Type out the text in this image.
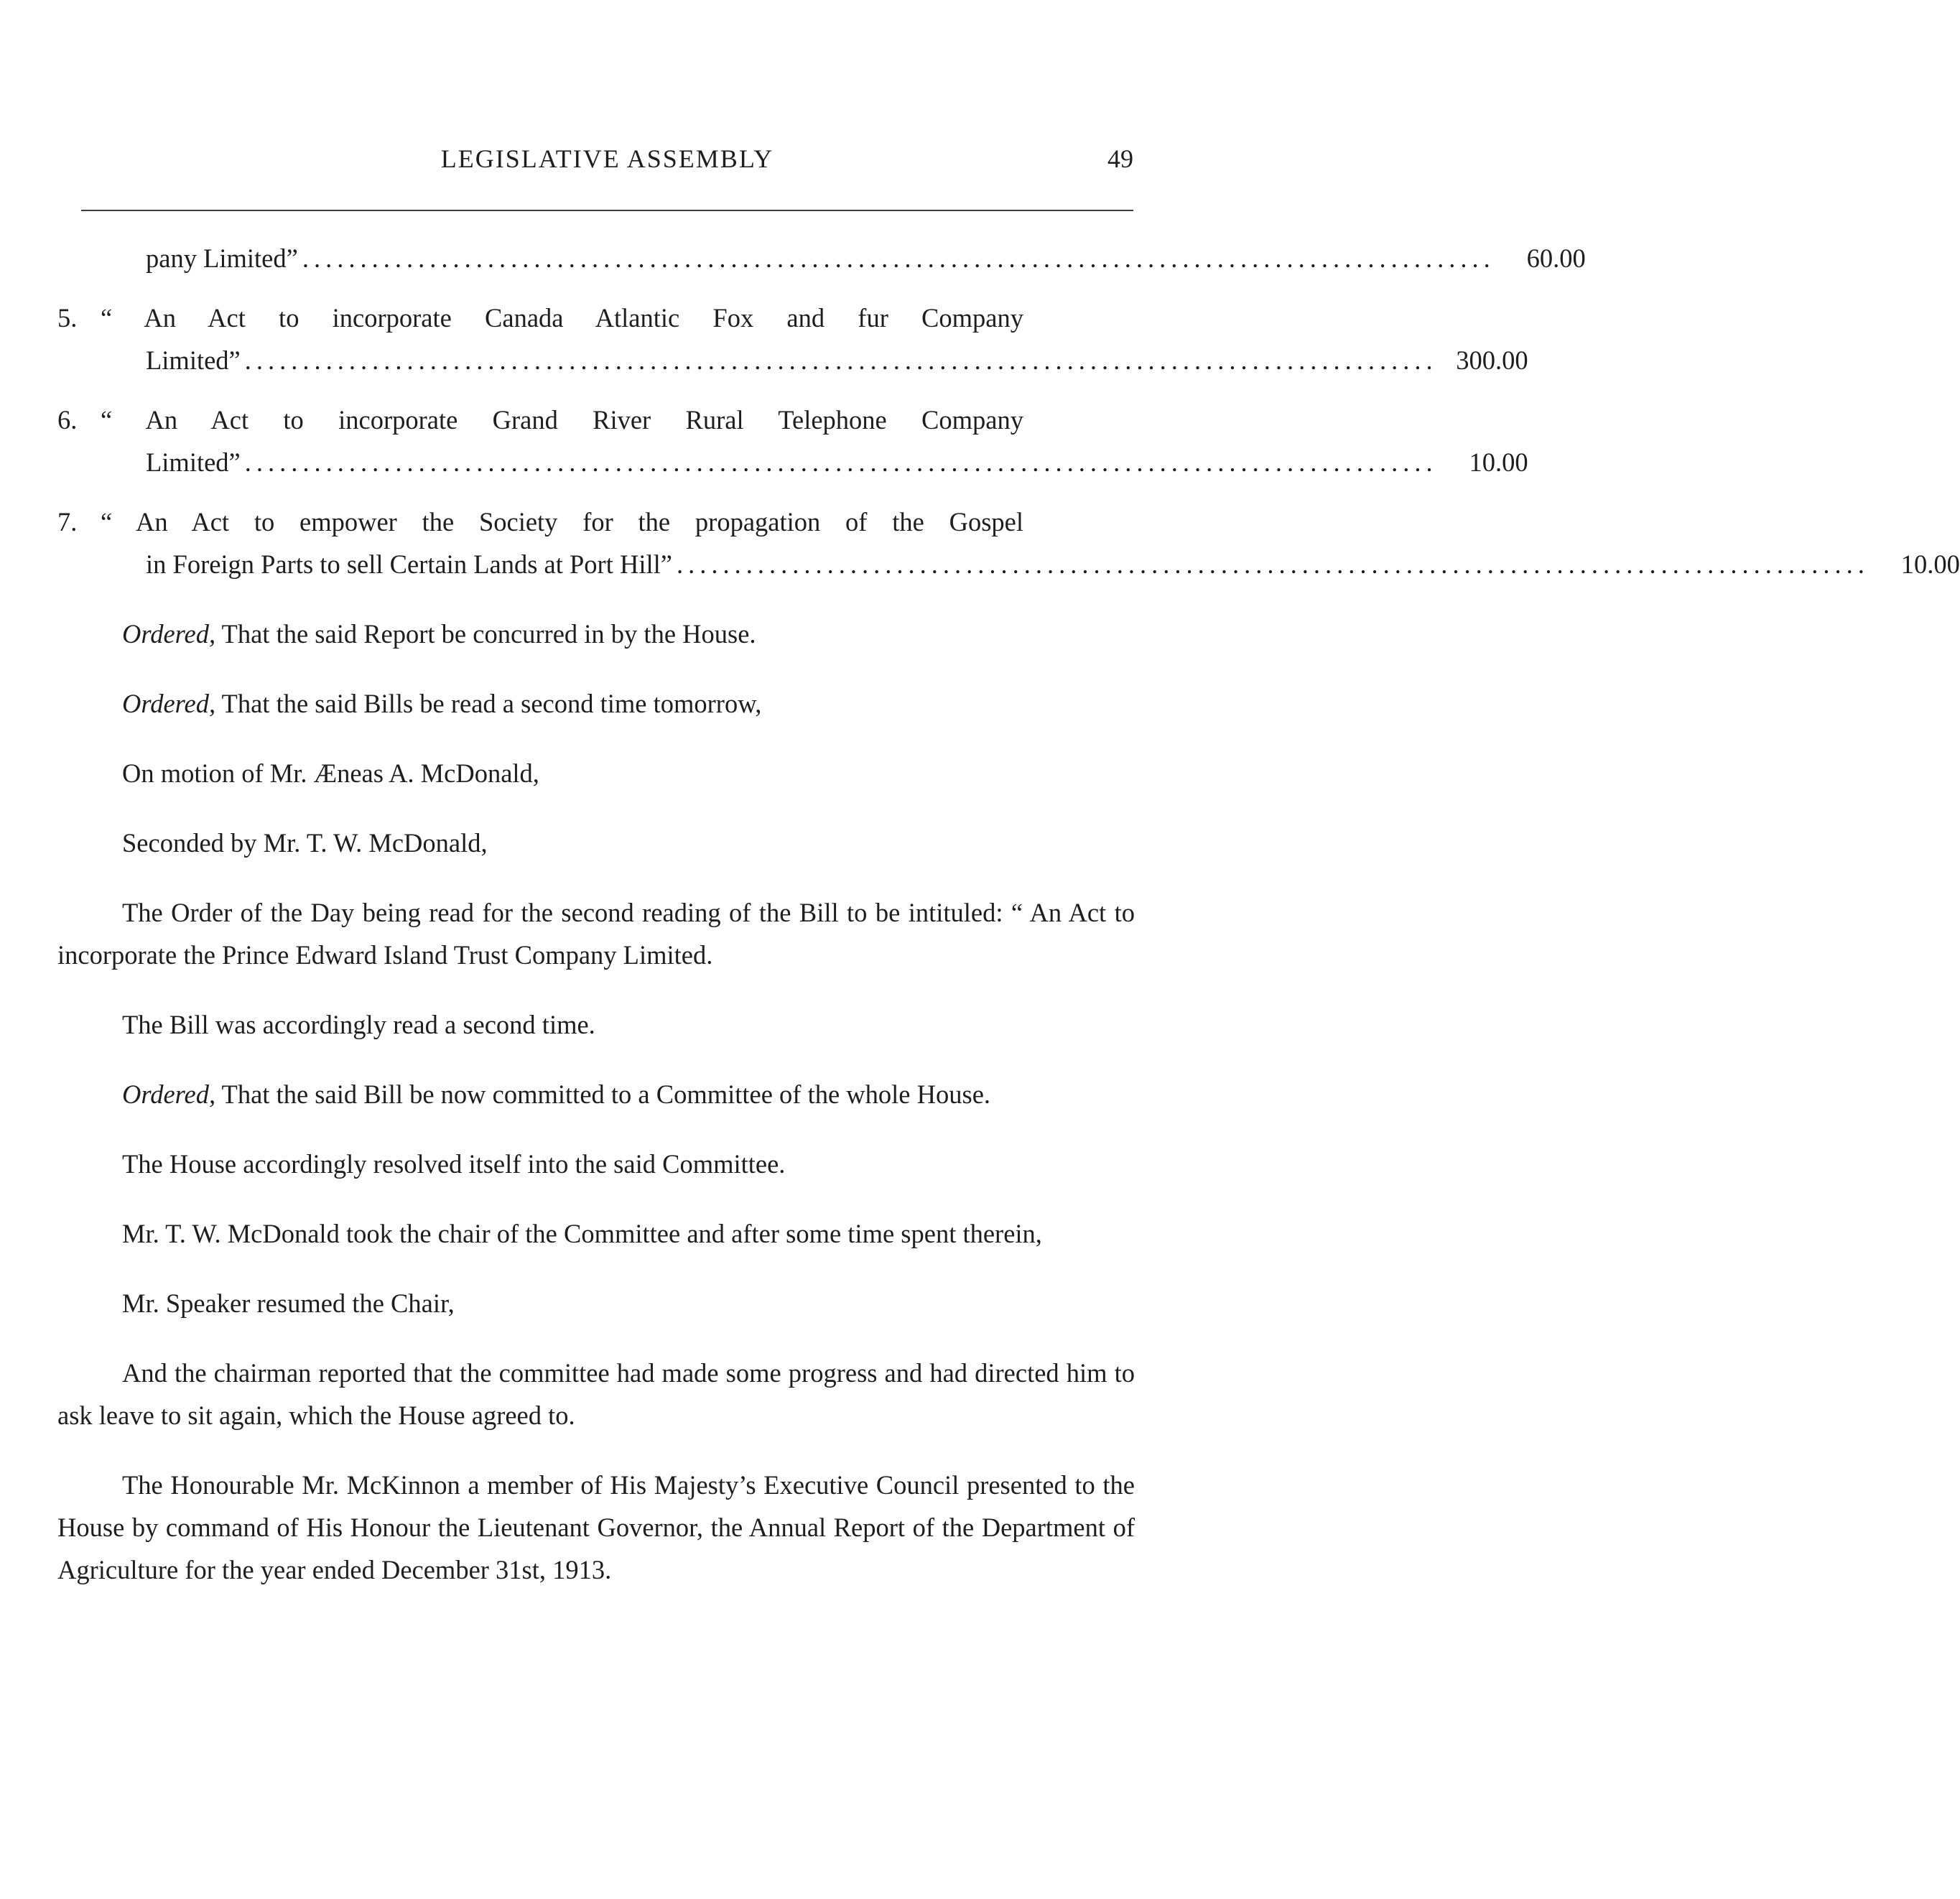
LEGISLATIVE ASSEMBLY	49
pany Limited” .......................................................................................................	60.00
5. “ An Act to incorporate Canada Atlantic Fox and fur Company
Limited” ....................................................................................................... 300.00
6. “ An Act to incorporate Grand River Rural Telephone Company
Limited” .......................................................................................................	10.00
7. “ An Act to empower the Society for the propagation of the Gospel
in Foreign Parts to sell Certain Lands at Port Hill” .......................................................................................................	10.00
Ordered, That the said Report be concurred in by the House.
Ordered, That the said Bills be read a second time tomorrow,
On motion of Mr. Æneas A. McDonald,
Seconded by Mr. T. W. McDonald,
The Order of the Day being read for the second reading of the Bill to be intituled: “ An Act to incorporate the Prince Edward Island Trust Company Limited.
The Bill was accordingly read a second time.
Ordered, That the said Bill be now committed to a Committee of the whole House.
The House accordingly resolved itself into the said Committee.
Mr. T. W. McDonald took the chair of the Committee and after some time spent therein,
Mr. Speaker resumed the Chair,
And the chairman reported that the committee had made some progress and had directed him to ask leave to sit again, which the House agreed to.
The Honourable Mr. McKinnon a member of His Majesty’s Executive Council presented to the House by command of His Honour the Lieutenant Governor, the Annual Report of the Department of Agriculture for the year ended December 31st, 1913.
